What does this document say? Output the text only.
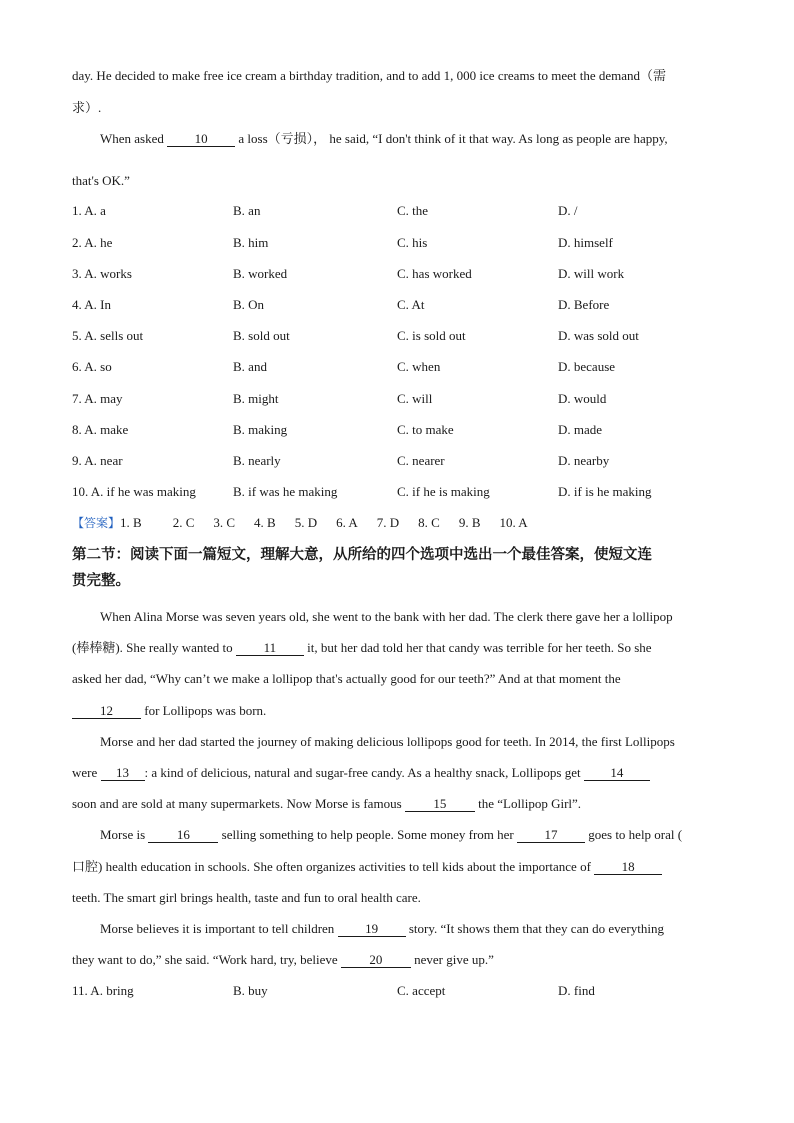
day. He decided to make free ice cream a birthday tradition, and to add 1, 000 ice creams to meet the demand（需
求）.
When asked 10 a loss（亏损）， he said, “I don't think of it that way. As long as people are happy,
that's OK.”
1. A. a	B. an	C. the	D. /
2. A. he	B. him	C. his	D. himself
3. A. works	B. worked	C. has worked	D. will work
4. A. In	B. On	C. At	D. Before
5. A. sells out	B. sold out	C. is sold out	D. was sold out
6. A. so	B. and	C. when	D. because
7. A. may	B. might	C. will	D. would
8. A. make	B. making	C. to make	D. made
9. A. near	B. nearly	C. nearer	D. nearby
10. A. if he was making	B. if was he making	C. if he is making	D. if is he making
【答案】1. B 2. C 3. C 4. B 5. D 6. A 7. D 8. C 9. B 10. A
第二节：阅读下面一篇短文，理解大意，从所给的四个选项中选出一个最佳答案，使短文连
贯完整。
When Alina Morse was seven years old, she went to the bank with her dad. The clerk there gave her a lollipop
(棒棒糖). She really wanted to 11 it, but her dad told her that candy was terrible for her teeth. So she
asked her dad, “Why can’t we make a lollipop that's actually good for our teeth?” And at that moment the
12 for Lollipops was born.
Morse and her dad started the journey of making delicious lollipops good for teeth. In 2014, the first Lollipops
were 13 : a kind of delicious, natural and sugar-free candy. As a healthy snack, Lollipops get 14
soon and are sold at many supermarkets. Now Morse is famous 15 the “Lollipop Girl”.
Morse is 16 selling something to help people. Some money from her 17 goes to help oral (
口腔) health education in schools. She often organizes activities to tell kids about the importance of 18
teeth. The smart girl brings health, taste and fun to oral health care.
Morse believes it is important to tell children 19 story. “It shows them that they can do everything
they want to do,” she said. “Work hard, try, believe 20 never give up.”
11. A. bring	B. buy	C. accept	D. find
